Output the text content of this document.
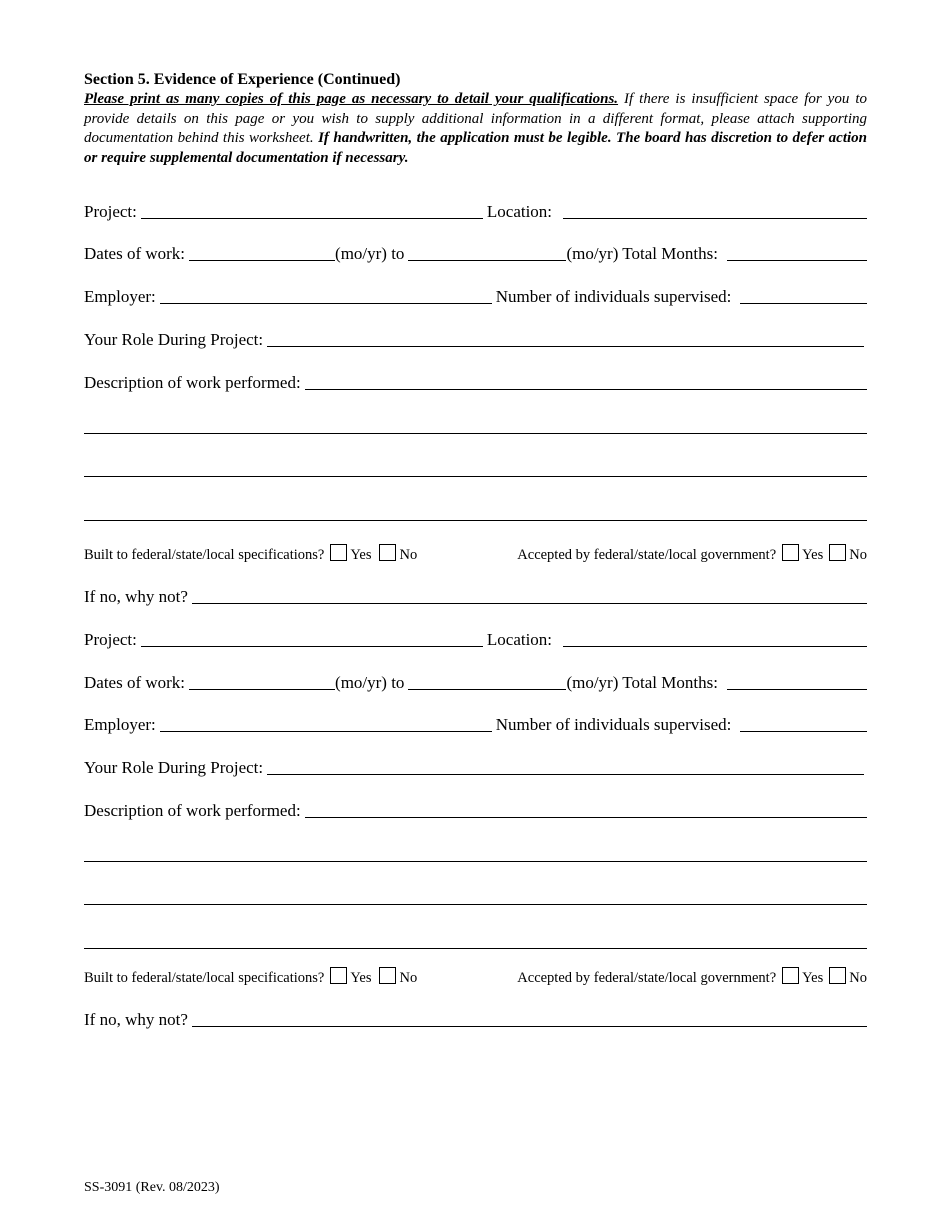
Section 5. Evidence of Experience (Continued)

Please print as many copies of this page as necessary to detail your qualifications. If there is insufficient space for you to provide details on this page or you wish to supply additional information in a different format, please attach supporting documentation behind this worksheet. If handwritten, the application must be legible. The board has discretion to defer action or require supplemental documentation if necessary.

Project:	Location:
Dates of work:	(mo/yr) to	(mo/yr) Total Months:
Employer:	Number of individuals supervised:
Your Role During Project:
Description of work performed:
Built to federal/state/local specifications? Yes No	Accepted by federal/state/local government? Yes No
If no, why not?
Project:	Location:
Dates of work:	(mo/yr) to	(mo/yr) Total Months:
Employer:	Number of individuals supervised:
Your Role During Project:
Description of work performed:
Built to federal/state/local specifications? Yes No	Accepted by federal/state/local government? Yes No
If no, why not?
SS-3091 (Rev. 08/2023)
